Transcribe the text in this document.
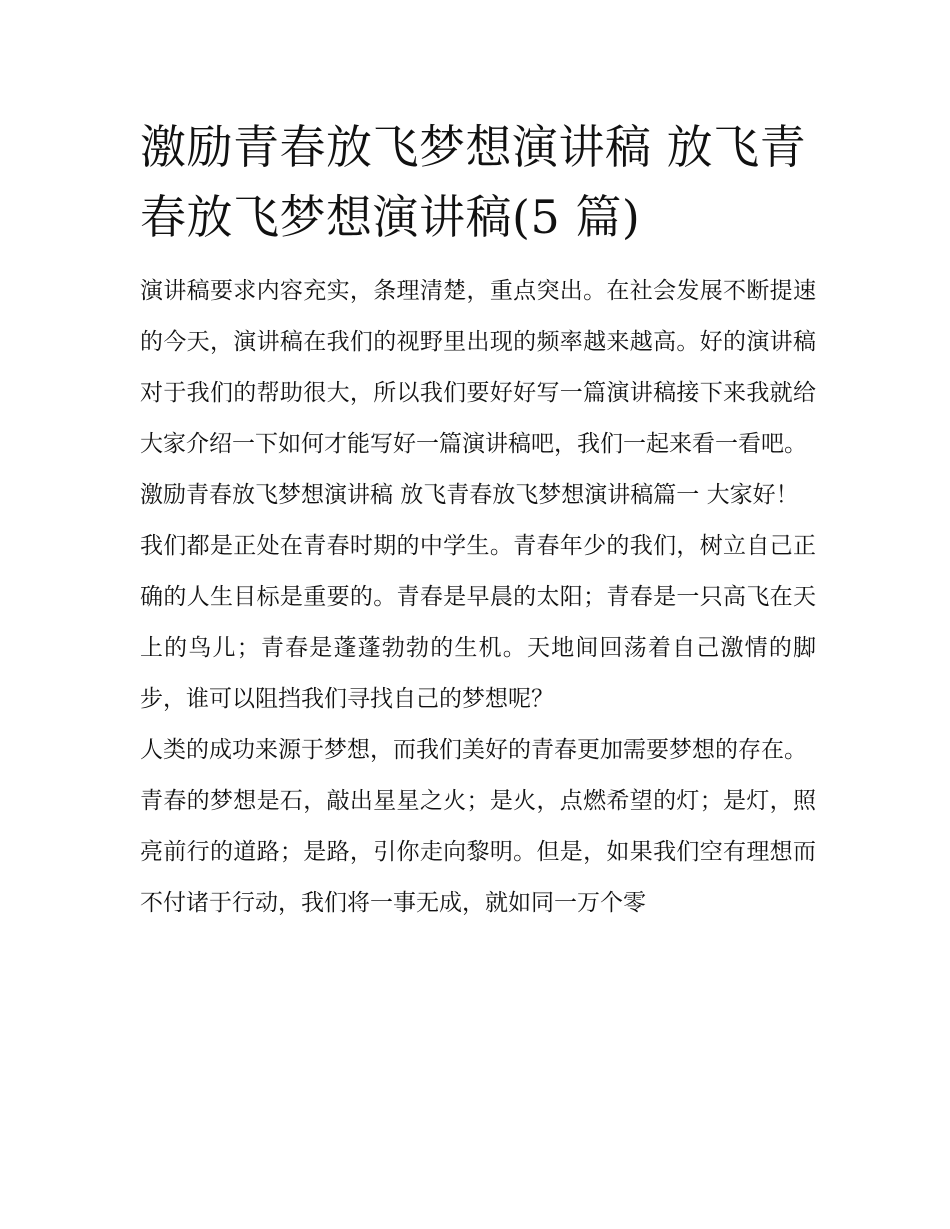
激励青春放飞梦想演讲稿 放飞青春放飞梦想演讲稿(5 篇)

演讲稿要求内容充实，条理清楚，重点突出。在社会发展不断提速的今天，演讲稿在我们的视野里出现的频率越来越高。好的演讲稿对于我们的帮助很大，所以我们要好好写一篇演讲稿接下来我就给大家介绍一下如何才能写好一篇演讲稿吧，我们一起来看一看吧。

激励青春放飞梦想演讲稿 放飞青春放飞梦想演讲稿篇一 大家好！

我们都是正处在青春时期的中学生。青春年少的我们，树立自己正确的人生目标是重要的。青春是早晨的太阳；青春是一只高飞在天上的鸟儿；青春是蓬蓬勃勃的生机。天地间回荡着自己激情的脚步，谁可以阻挡我们寻找自己的梦想呢？

人类的成功来源于梦想，而我们美好的青春更加需要梦想的存在。

青春的梦想是石，敲出星星之火；是火，点燃希望的灯；是灯，照亮前行的道路；是路，引你走向黎明。但是，如果我们空有理想而不付诸于行动，我们将一事无成，就如同一万个零
